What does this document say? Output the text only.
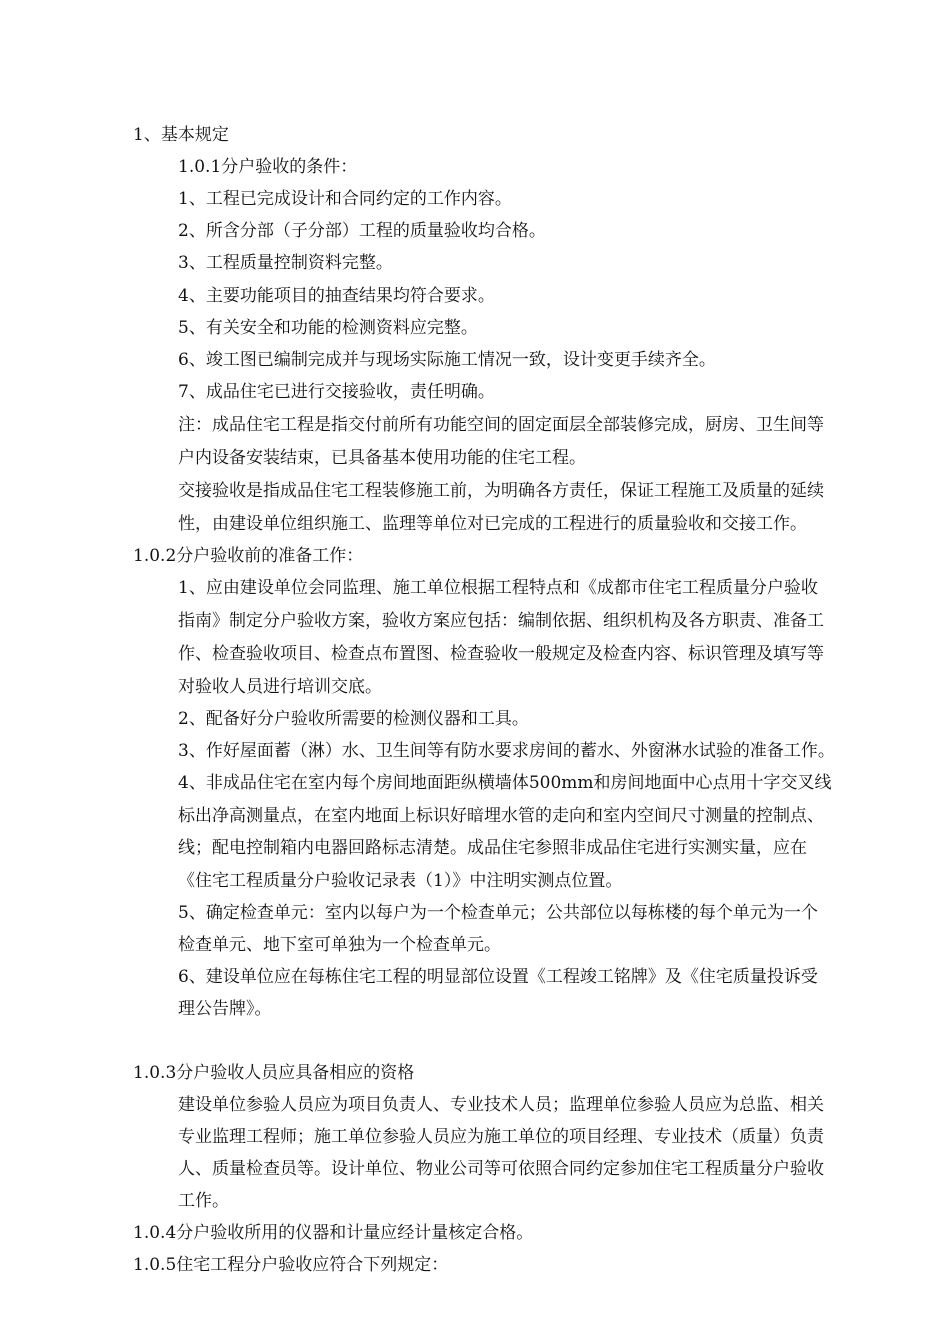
1、基本规定
1.0.1分户验收的条件：
1、工程已完成设计和合同约定的工作内容。
2、所含分部（子分部）工程的质量验收均合格。
3、工程质量控制资料完整。
4、主要功能项目的抽查结果均符合要求。
5、有关安全和功能的检测资料应完整。
6、竣工图已编制完成并与现场实际施工情况一致，设计变更手续齐全。
7、成品住宅已进行交接验收，责任明确。
注：成品住宅工程是指交付前所有功能空间的固定面层全部装修完成，厨房、卫生间等
户内设备安装结束，已具备基本使用功能的住宅工程。
交接验收是指成品住宅工程装修施工前，为明确各方责任，保证工程施工及质量的延续
性，由建设单位组织施工、监理等单位对已完成的工程进行的质量验收和交接工作。
1.0.2分户验收前的准备工作：
1、应由建设单位会同监理、施工单位根据工程特点和《成都市住宅工程质量分户验收
指南》制定分户验收方案，验收方案应包括：编制依据、组织机构及各方职责、准备工
作、检查验收项目、检查点布置图、检查验收一般规定及检查内容、标识管理及填写等
对验收人员进行培训交底。
2、配备好分户验收所需要的检测仪器和工具。
3、作好屋面蓄（淋）水、卫生间等有防水要求房间的蓄水、外窗淋水试验的准备工作。
4、非成品住宅在室内每个房间地面距纵横墙体500mm和房间地面中心点用十字交叉线
标出净高测量点，在室内地面上标识好暗埋水管的走向和室内空间尺寸测量的控制点、
线；配电控制箱内电器回路标志清楚。成品住宅参照非成品住宅进行实测实量，应在
《住宅工程质量分户验收记录表（1）》中注明实测点位置。
5、确定检查单元：室内以每户为一个检查单元；公共部位以每栋楼的每个单元为一个
检查单元、地下室可单独为一个检查单元。
6、建设单位应在每栋住宅工程的明显部位设置《工程竣工铭牌》及《住宅质量投诉受
理公告牌》。
1.0.3分户验收人员应具备相应的资格
建设单位参验人员应为项目负责人、专业技术人员；监理单位参验人员应为总监、相关
专业监理工程师；施工单位参验人员应为施工单位的项目经理、专业技术（质量）负责
人、质量检查员等。设计单位、物业公司等可依照合同约定参加住宅工程质量分户验收
工作。
1.0.4分户验收所用的仪器和计量应经计量核定合格。
1.0.5住宅工程分户验收应符合下列规定：
